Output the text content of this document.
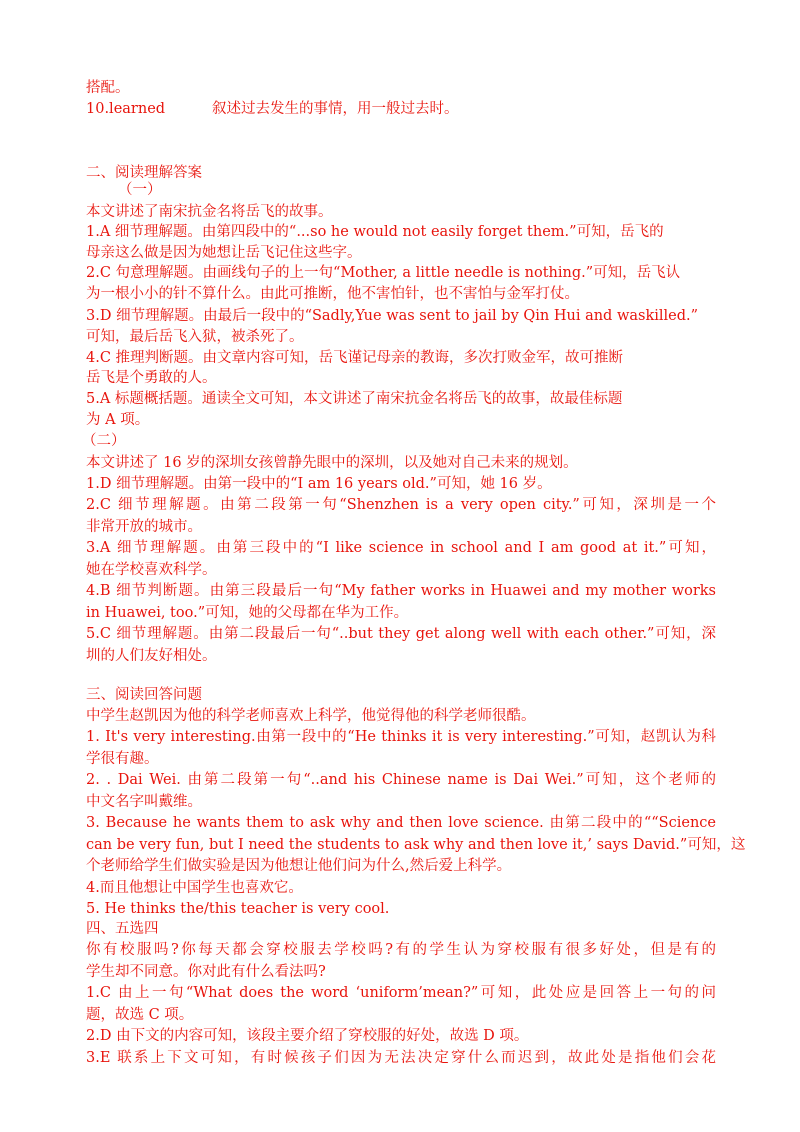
搭配。
10.learned	叙述过去发生的事情，用一般过去时。
二、阅读理解答案
（一）
本文讲述了南宋抗金名将岳飞的故事。
1.A 细节理解题。由第四段中的“...so he would not easily forget them.”可知，岳飞的
母亲这么做是因为她想让岳飞记住这些字。
2.C 句意理解题。由画线句子的上一句“Mother, a little needle is nothing.”可知，岳飞认
为一根小小的针不算什么。由此可推断，他不害怕针，也不害怕与金军打仗。
3.D 细节理解题。由最后一段中的“Sadly,Yue was sent to jail by Qin Hui and waskilled.”
可知，最后岳飞入狱，被杀死了。
4.C 推理判断题。由文章内容可知，岳飞谨记母亲的教诲，多次打败金军，故可推断
岳飞是个勇敢的人。
5.A 标题概括题。通读全文可知，本文讲述了南宋抗金名将岳飞的故事，故最佳标题
为 A 项。
（二）
本文讲述了 16 岁的深圳女孩曾静先眼中的深圳，以及她对自己未来的规划。
1.D 细节理解题。由第一段中的“I am 16 years old.”可知，她 16 岁。
2.C 细节理解题。由第二段第一句“Shenzhen is a very open city.”可知，深圳是一个
非常开放的城市。
3.A 细节理解题。由第三段中的“I like science in school and I am good at it.”可知，
她在学校喜欢科学。
4.B 细节判断题。由第三段最后一句“My father works in Huawei and my mother works
in Huawei, too.”可知，她的父母都在华为工作。
5.C 细节理解题。由第二段最后一句“..but they get along well with each other.”可知，深
圳的人们友好相处。
三、阅读回答问题
中学生赵凯因为他的科学老师喜欢上科学，他觉得他的科学老师很酷。
1. It's very interesting.由第一段中的“He thinks it is very interesting.”可知，赵凯认为科
学很有趣。
2. . Dai Wei. 由第二段第一句“..and his Chinese name is Dai Wei.”可知，这个老师的
中文名字叫戴维。
3. Because he wants them to ask why and then love science. 由第二段中的““Science
can be very fun, but I need the students to ask why and then love it,’ says David.”可知，这
个老师给学生们做实验是因为他想让他们问为什么,然后爱上科学。
4.而且他想让中国学生也喜欢它。
5. He thinks the/this teacher is very cool.
四、五选四
你有校服吗?你每天都会穿校服去学校吗?有的学生认为穿校服有很多好处，但是有的
学生却不同意。你对此有什么看法吗?
1.C 由上一句“What does the word ‘uniform’mean?”可知，此处应是回答上一句的问
题，故选 C 项。
2.D 由下文的内容可知，该段主要介绍了穿校服的好处，故选 D 项。
3.E 联系上下文可知，有时候孩子们因为无法决定穿什么而迟到，故此处是指他们会花
